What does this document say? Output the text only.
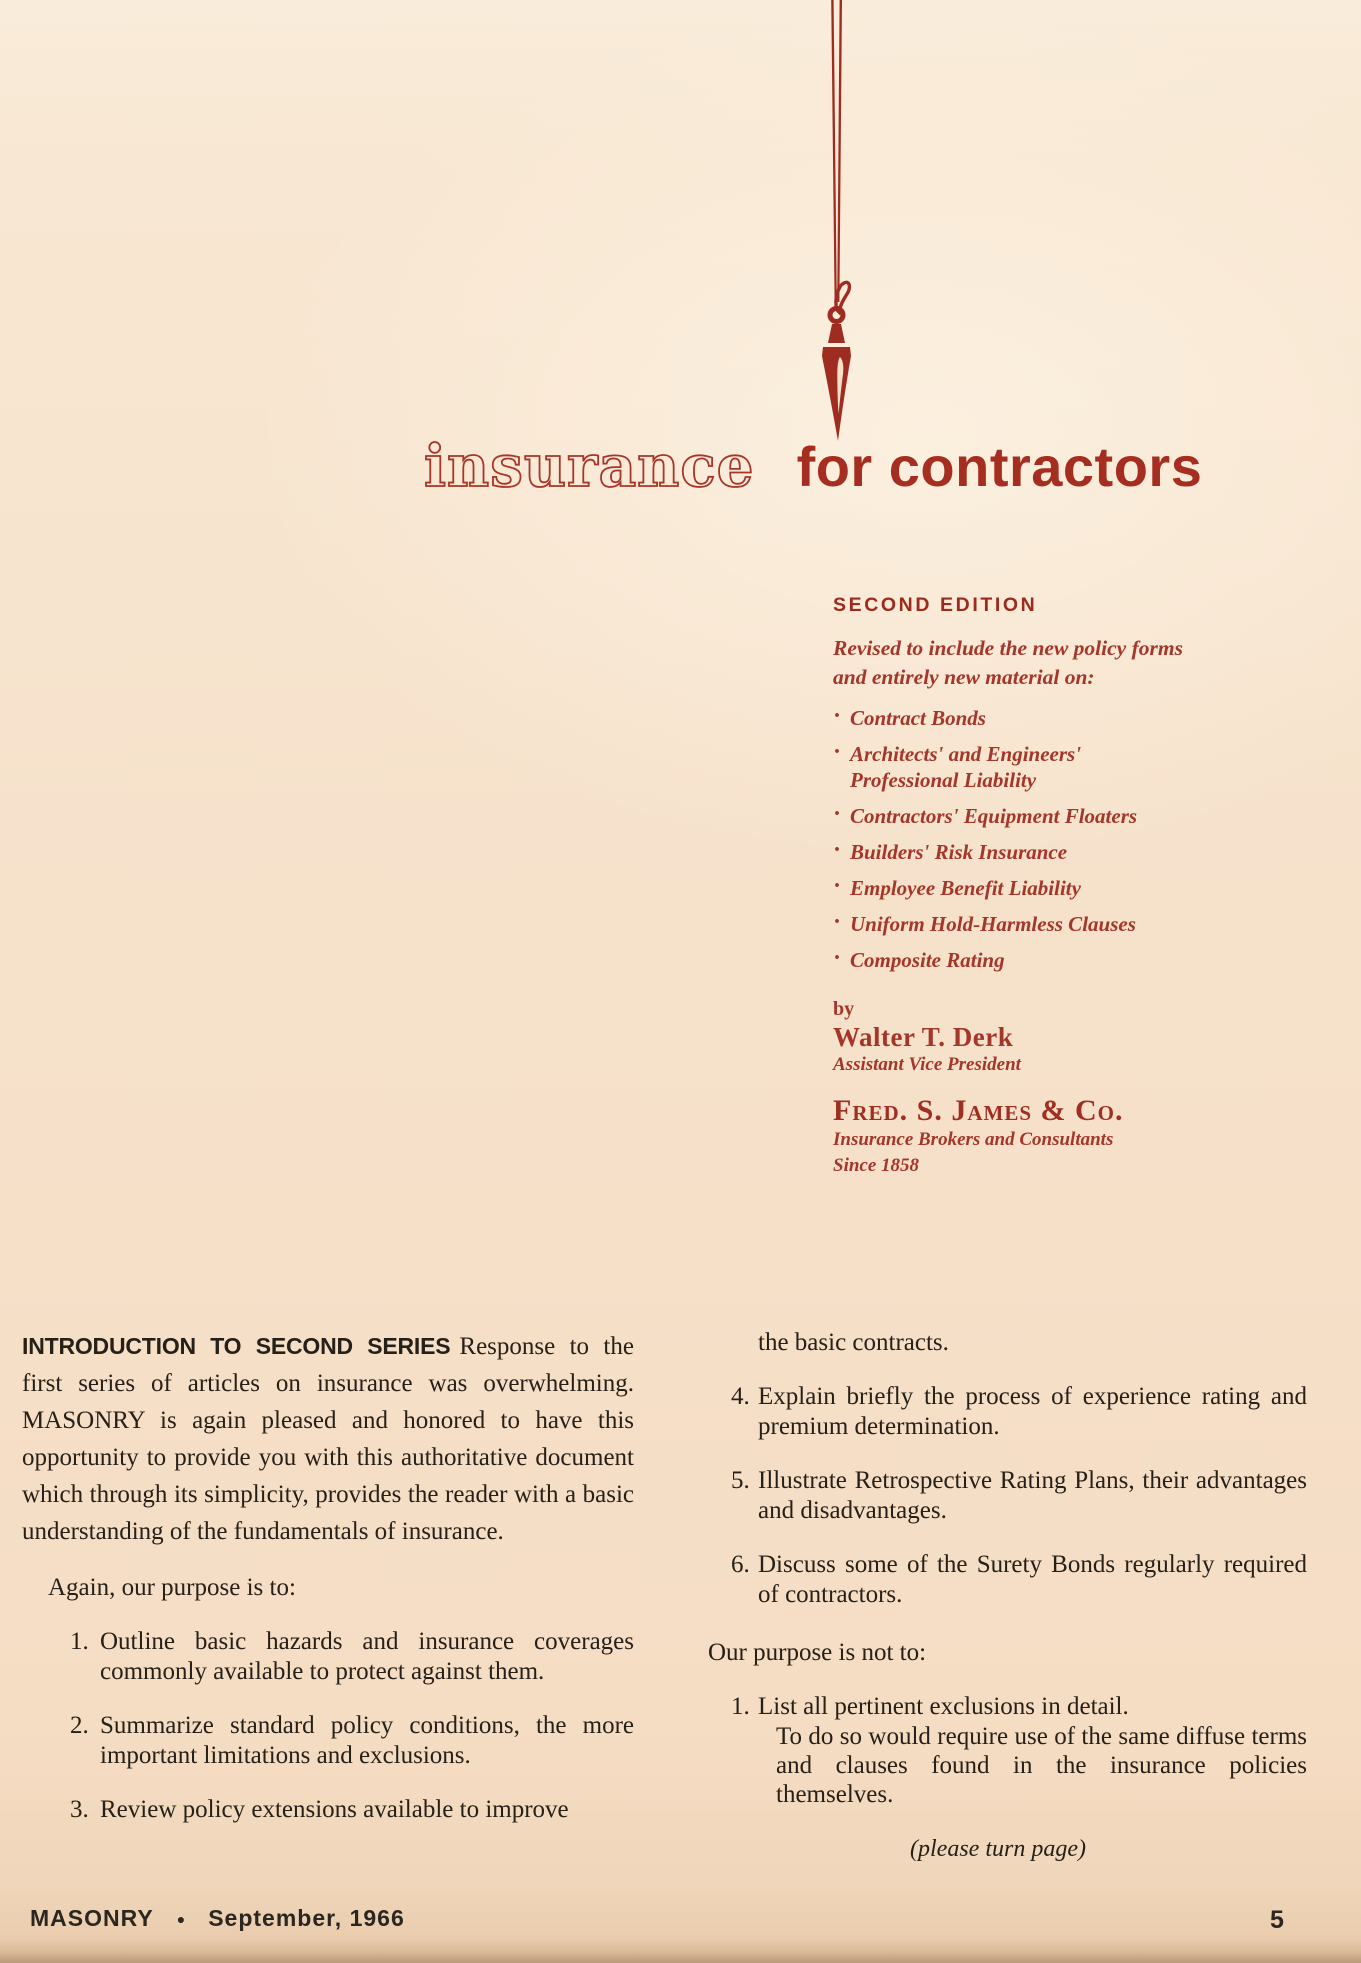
insurance for contractors
SECOND EDITION
Revised to include the new policy forms and entirely new material on:
· Contract Bonds
· Architects' and Engineers' Professional Liability
· Contractors' Equipment Floaters
· Builders' Risk Insurance
· Employee Benefit Liability
· Uniform Hold-Harmless Clauses
· Composite Rating
by
Walter T. Derk
Assistant Vice President
Fred. S. James & Co.
Insurance Brokers and Consultants
Since 1858

INTRODUCTION TO SECOND SERIES Response to the first series of articles on insurance was overwhelming. MASONRY is again pleased and honored to have this opportunity to provide you with this authoritative document which through its simplicity, provides the reader with a basic understanding of the fundamentals of insurance.

Again, our purpose is to:

1. Outline basic hazards and insurance coverages commonly available to protect against them.
2. Summarize standard policy conditions, the more important limitations and exclusions.
3. Review policy extensions available to improve

the basic contracts.

4. Explain briefly the process of experience rating and premium determination.
5. Illustrate Retrospective Rating Plans, their advantages and disadvantages.
6. Discuss some of the Surety Bonds regularly required of contractors.

Our purpose is not to:

1. List all pertinent exclusions in detail.
To do so would require use of the same diffuse terms and clauses found in the insurance policies themselves.

(please turn page)

MASONRY ● September, 1966	5
